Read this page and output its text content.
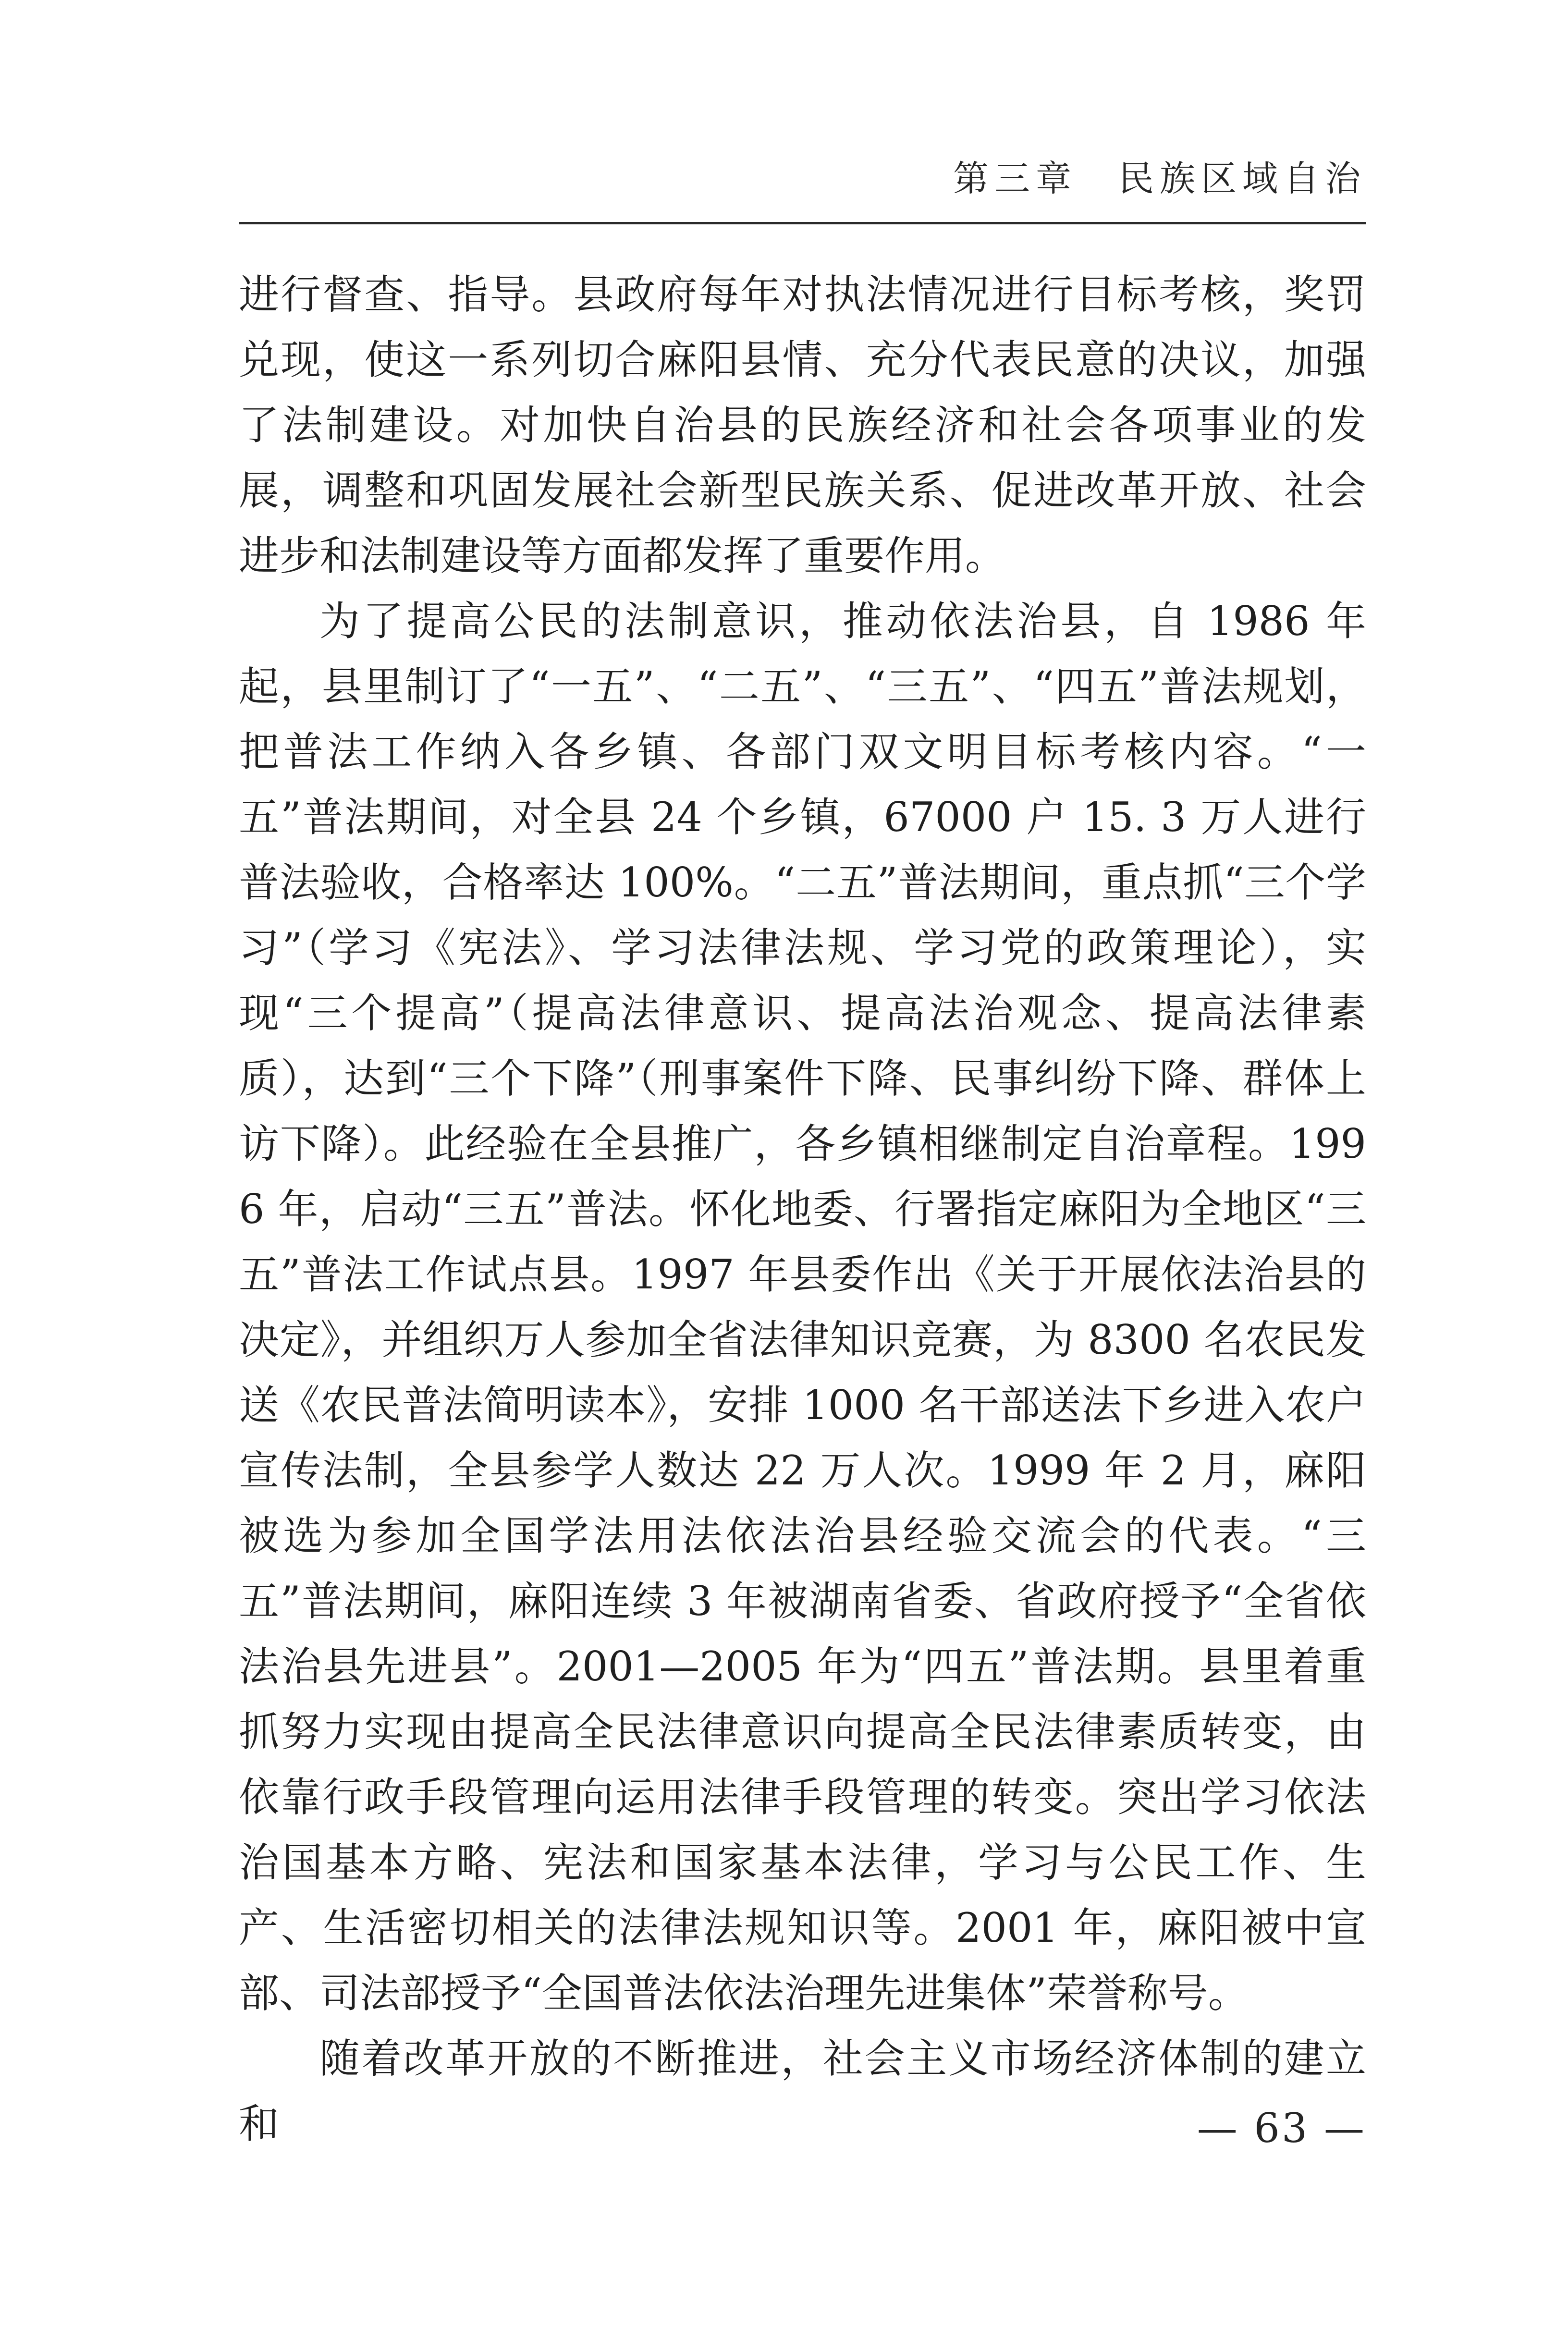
第三章　民族区域自治

进行督查、指导。县政府每年对执法情况进行目标考核，奖罚兑现，使这一系列切合麻阳县情、充分代表民意的决议，加强了法制建设。对加快自治县的民族经济和社会各项事业的发展，调整和巩固发展社会新型民族关系、促进改革开放、社会进步和法制建设等方面都发挥了重要作用。

为了提高公民的法制意识，推动依法治县，自 1986 年起，县里制订了“一五”、“二五”、“三五”、“四五”普法规划，把普法工作纳入各乡镇、各部门双文明目标考核内容。“一五”普法期间，对全县 24 个乡镇，67000 户 15. 3 万人进行普法验收，合格率达 100%。“二五”普法期间，重点抓“三个学习”（学习《宪法》、学习法律法规、学习党的政策理论），实现“三个提高”（提高法律意识、提高法治观念、提高法律素质），达到“三个下降”（刑事案件下降、民事纠纷下降、群体上访下降）。此经验在全县推广，各乡镇相继制定自治章程。1996 年，启动“三五”普法。怀化地委、行署指定麻阳为全地区“三五”普法工作试点县。1997 年县委作出《关于开展依法治县的决定》，并组织万人参加全省法律知识竞赛，为 8300 名农民发送《农民普法简明读本》，安排 1000 名干部送法下乡进入农户宣传法制，全县参学人数达 22 万人次。1999 年 2 月，麻阳被选为参加全国学法用法依法治县经验交流会的代表。“三五”普法期间，麻阳连续 3 年被湖南省委、省政府授予“全省依法治县先进县”。2001—2005 年为“四五”普法期。县里着重抓努力实现由提高全民法律意识向提高全民法律素质转变，由依靠行政手段管理向运用法律手段管理的转变。突出学习依法治国基本方略、宪法和国家基本法律，学习与公民工作、生产、生活密切相关的法律法规知识等。2001 年，麻阳被中宣部、司法部授予“全国普法依法治理先进集体”荣誉称号。

随着改革开放的不断推进，社会主义市场经济体制的建立和	— 63 —
